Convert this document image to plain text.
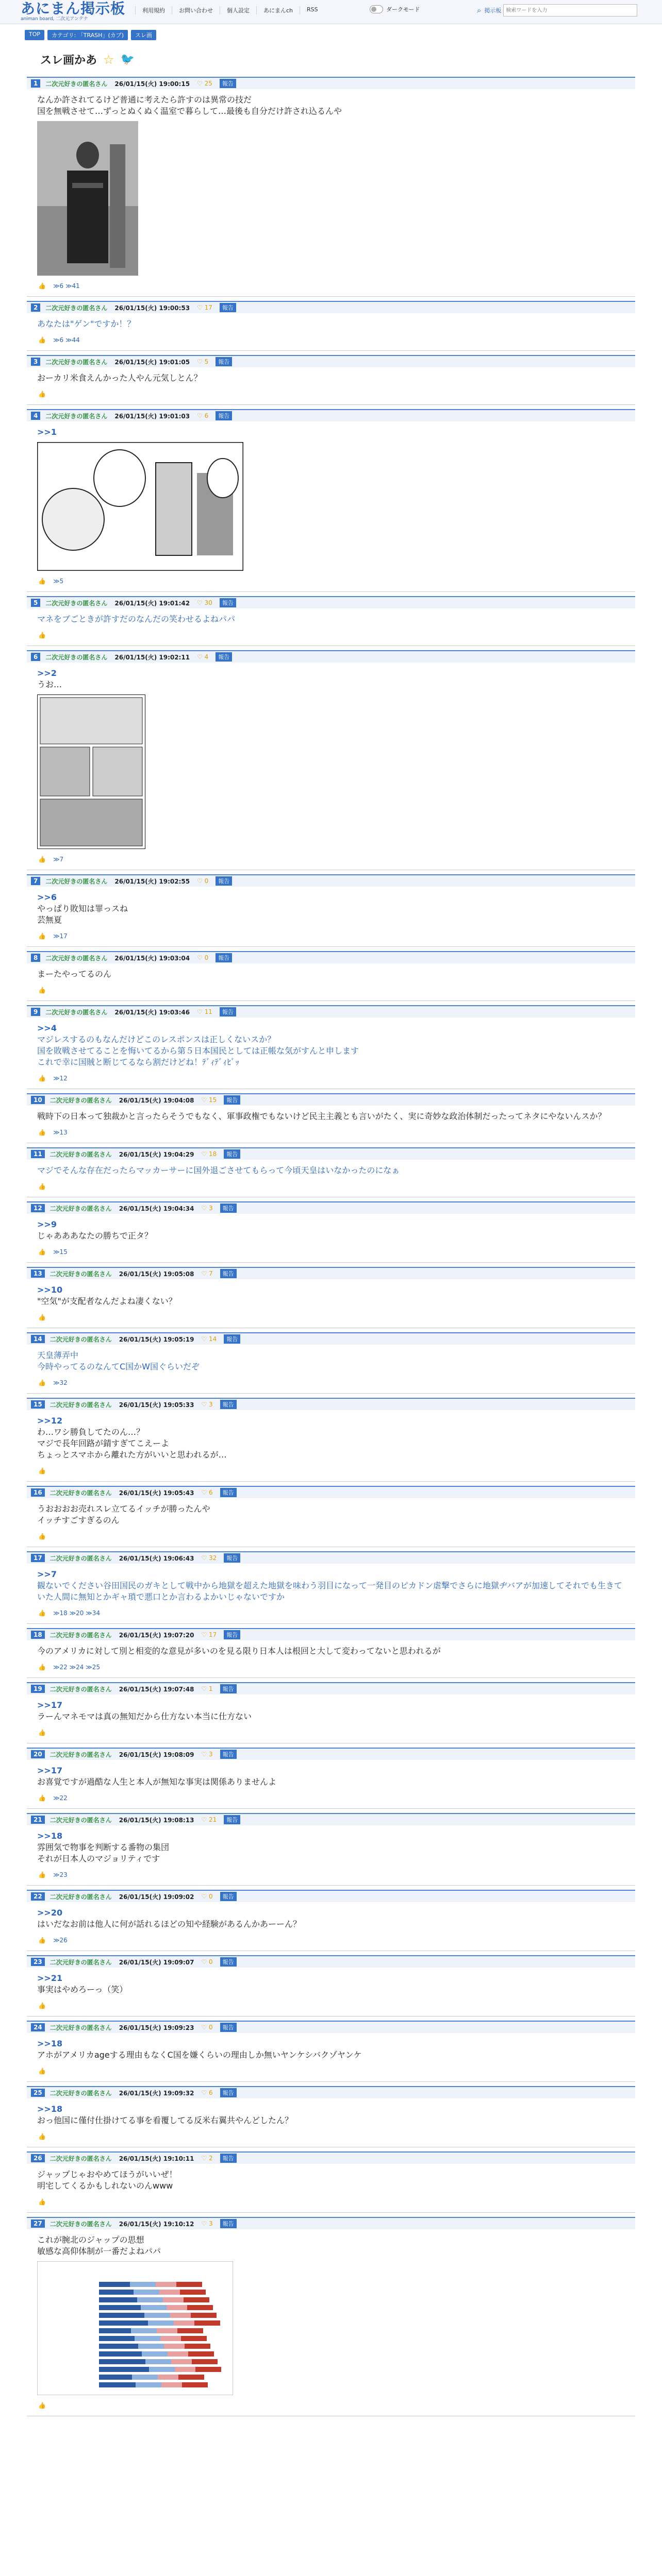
あにまん掲示板
animan board, 二次元アンテナ
利用規約	お問い合わせ	個人設定	あにまんch	RSS	ダークモード	⌕ 掲示板
検索ワードを入力
TOP	カテゴリ: 「TRASH」(カブ)	スレ画
スレ画かあ ☆ 🐦
1	二次元好きの匿名さん 26/01/15(火) 19:00:15 ♡ 25	報告
なんか許されてるけど普通に考えたら許すのは異常の技だ
国を無戦させて…ずっとぬくぬく温室で暮らして…最後も自分だけ許され込るんや
👍 ≫6 ≫41
2	二次元好きの匿名さん 26/01/15(火) 19:00:53 ♡ 17	報告
あなたは"ゲン"ですか！？
👍 ≫6 ≫44
3	二次元好きの匿名さん 26/01/15(火) 19:01:05 ♡ 5	報告
おーカリ米食えんかった人やん元気しとん？
👍
4	二次元好きの匿名さん 26/01/15(火) 19:01:03 ♡ 6	報告
>>1
👍 ≫5
5	二次元好きの匿名さん 26/01/15(火) 19:01:42 ♡ 30	報告
マネをブごときが許すだのなんだの笑わせるよねパパ
👍
6	二次元好きの匿名さん 26/01/15(火) 19:02:11 ♡ 4	報告
>>2
うお…
👍 ≫7
7	二次元好きの匿名さん 26/01/15(火) 19:02:55 ♡ 0	報告
>>6
やっぱり敗知は罪っスね
芸無夏
👍 ≫17
8	二次元好きの匿名さん 26/01/15(火) 19:03:04 ♡ 0	報告
まーたやってるのん
👍
9	二次元好きの匿名さん 26/01/15(火) 19:03:46 ♡ 11	報告
>>4
マジレスするのもなんだけどこのレスポンスは正しくないスか？
国を敗戦させてることを悔いてるから第５日本国民としては正帳な気がすんと申します
これで幸に国賊と断じてるなら割だけどね！ﾃﾞｨﾃﾞｨﾋﾞｯ
👍 ≫12
10	二次元好きの匿名さん 26/01/15(火) 19:04:08 ♡ 15	報告
戦時下の日本って独裁かと言ったらそうでもなく、軍事政権でもないけど民主主義とも言いがたく、実に奇妙な政治体制だったってネタにやないんスか？
👍 ≫13
11	二次元好きの匿名さん 26/01/15(火) 19:04:29 ♡ 18	報告
マジでそんな存在だったらマッカーサーに国外退ごさせてもらって今頃天皇はいなかったのになぁ
👍
12	二次元好きの匿名さん 26/01/15(火) 19:04:34 ♡ 3	報告
>>9
じゃあああなたの勝ちで正タ？
👍 ≫15
13	二次元好きの匿名さん 26/01/15(火) 19:05:08 ♡ 7	報告
>>10
"空気"が支配者なんだよね凄くない？
👍
14	二次元好きの匿名さん 26/01/15(火) 19:05:19 ♡ 14	報告
天皇薄弄中
今時やってるのなんてC国かW国ぐらいだぞ
👍 ≫32
15	二次元好きの匿名さん 26/01/15(火) 19:05:33 ♡ 3	報告
>>12
わ…ワシ勝負してたのん…？
マジで長年回路が錆すぎてこえーよ
ちょっとスマホから離れた方がいいと思われるが…
👍
16	二次元好きの匿名さん 26/01/15(火) 19:05:43 ♡ 6	報告
うおおおお売れスレ立てるイッチが勝ったんや
イッチすごすぎるのん
👍
17	二次元好きの匿名さん 26/01/15(火) 19:06:43 ♡ 32	報告
>>7
観ないでください谷田国民のガキとして戦中から地獄を超えた地獄を味わう羽目になって一発目のピカドン虐撃でさらに地獄ヂバアが加速してそれでも生きていた人間に無知とかギャ瑣で悪口とか言わるよかいじゃないですか
👍 ≫18 ≫20 ≫34
18	二次元好きの匿名さん 26/01/15(火) 19:07:20 ♡ 17	報告
今のアメリカに対して別と相変的な意見が多いのを見る限り日本人は根回と大して変わってないと思われるが
👍 ≫22 ≫24 ≫25
19	二次元好きの匿名さん 26/01/15(火) 19:07:48 ♡ 1	報告
>>17
ラーんマネモマは真の無知だから仕方ない本当に仕方ない
👍
20	二次元好きの匿名さん 26/01/15(火) 19:08:09 ♡ 3	報告
>>17
お喜覚ですが過酷な人生と本人が無知な事実は関係ありませんよ
👍 ≫22
21	二次元好きの匿名さん 26/01/15(火) 19:08:13 ♡ 21	報告
>>18
雰囲気で物事を判断する番物の集団
それが日本人のマジョリティです
👍 ≫23
22	二次元好きの匿名さん 26/01/15(火) 19:09:02 ♡ 0	報告
>>20
はいだなお前は他人に何が話れるほどの知や経験があるんかあーーん？
👍 ≫26
23	二次元好きの匿名さん 26/01/15(火) 19:09:07 ♡ 0	報告
>>21
事実はやめろーっ（笑）
👍
24	二次元好きの匿名さん 26/01/15(火) 19:09:23 ♡ 0	報告
>>18
アホがアメリカageする理由もなくC国を嫌くらいの理由しか無いヤンケシバクゾヤンケ
👍
25	二次元好きの匿名さん 26/01/15(火) 19:09:32 ♡ 6	報告
>>18
おっ他国に僅付仕掛けてる事を看覆してる反米右翼共やんどしたん？
👍
26	二次元好きの匿名さん 26/01/15(火) 19:10:11 ♡ 2	報告
ジャップじゃおやめてほうがいいぜ！
明宅してくるかもしれないのんwww
👍
27	二次元好きの匿名さん 26/01/15(火) 19:10:12 ♡ 3	報告
これが腕北のジャップの思想
敏感な高仰体制が一番だよねパパ
👍
